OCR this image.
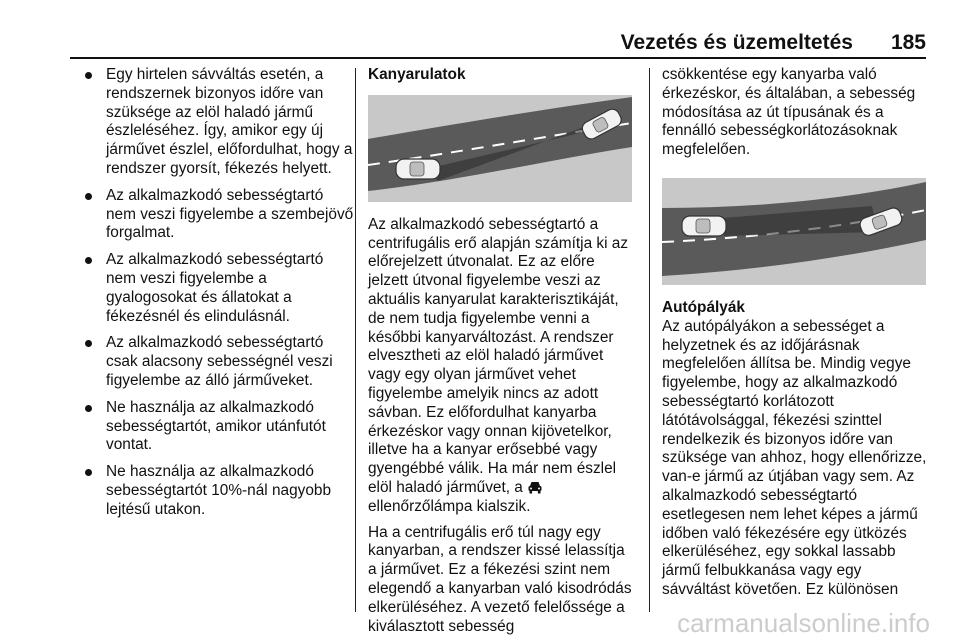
Vezetés és üzemeltetés 185
Egy hirtelen sávváltás esetén, a rendszernek bizonyos időre van szüksége az elöl haladó jármű észleléséhez. Így, amikor egy új járművet észlel, előfordulhat, hogy a rendszer gyorsít, fékezés helyett.
Az alkalmazkodó sebességtartó nem veszi figyelembe a szembejövő forgalmat.
Az alkalmazkodó sebességtartó nem veszi figyelembe a gyalogosokat és állatokat a fékezésnél és elindulásnál.
Az alkalmazkodó sebességtartó csak alacsony sebességnél veszi figyelembe az álló járműveket.
Ne használja az alkalmazkodó sebességtartót, amikor utánfutót vontat.
Ne használja az alkalmazkodó sebességtartót 10%-nál nagyobb lejtésű utakon.

Kanyarulatok

Az alkalmazkodó sebességtartó a centrifugális erő alapján számítja ki az előrejelzett útvonalat. Ez az előre jelzett útvonal figyelembe veszi az aktuális kanyarulat karakterisztikáját, de nem tudja figyelembe venni a későbbi kanyarváltozást. A rendszer elvesztheti az elöl haladó járművet vagy egy olyan járművet vehet figyelembe amelyik nincs az adott sávban. Ez előfordulhat kanyarba érkezéskor vagy onnan kijövetelkor, illetve ha a kanyar erősebbé vagy gyengébbé válik. Ha már nem észlel elöl haladó járművet, a  ellenőrzőlámpa kialszik.

Ha a centrifugális erő túl nagy egy kanyarban, a rendszer kissé lelassítja a járművet. Ez a fékezési szint nem elegendő a kanyarban való kisodródás elkerüléséhez. A vezető felelőssége a kiválasztott sebesség

csökkentése egy kanyarba való érkezéskor, és általában, a sebesség módosítása az út típusának és a fennálló sebességkorlátozásoknak megfelelően.

Autópályák

Az autópályákon a sebességet a helyzetnek és az időjárásnak megfelelően állítsa be. Mindig vegye figyelembe, hogy az alkalmazkodó sebességtartó korlátozott látótávolsággal, fékezési szinttel rendelkezik és bizonyos időre van szüksége van ahhoz, hogy ellenőrizze, van-e jármű az útjában vagy sem. Az alkalmazkodó sebességtartó esetlegesen nem lehet képes a jármű időben való fékezésére egy ütközés elkerüléséhez, egy sokkal lassabb jármű felbukkanása vagy egy sávváltást követően. Ez különösen

carmanualsonline.info
